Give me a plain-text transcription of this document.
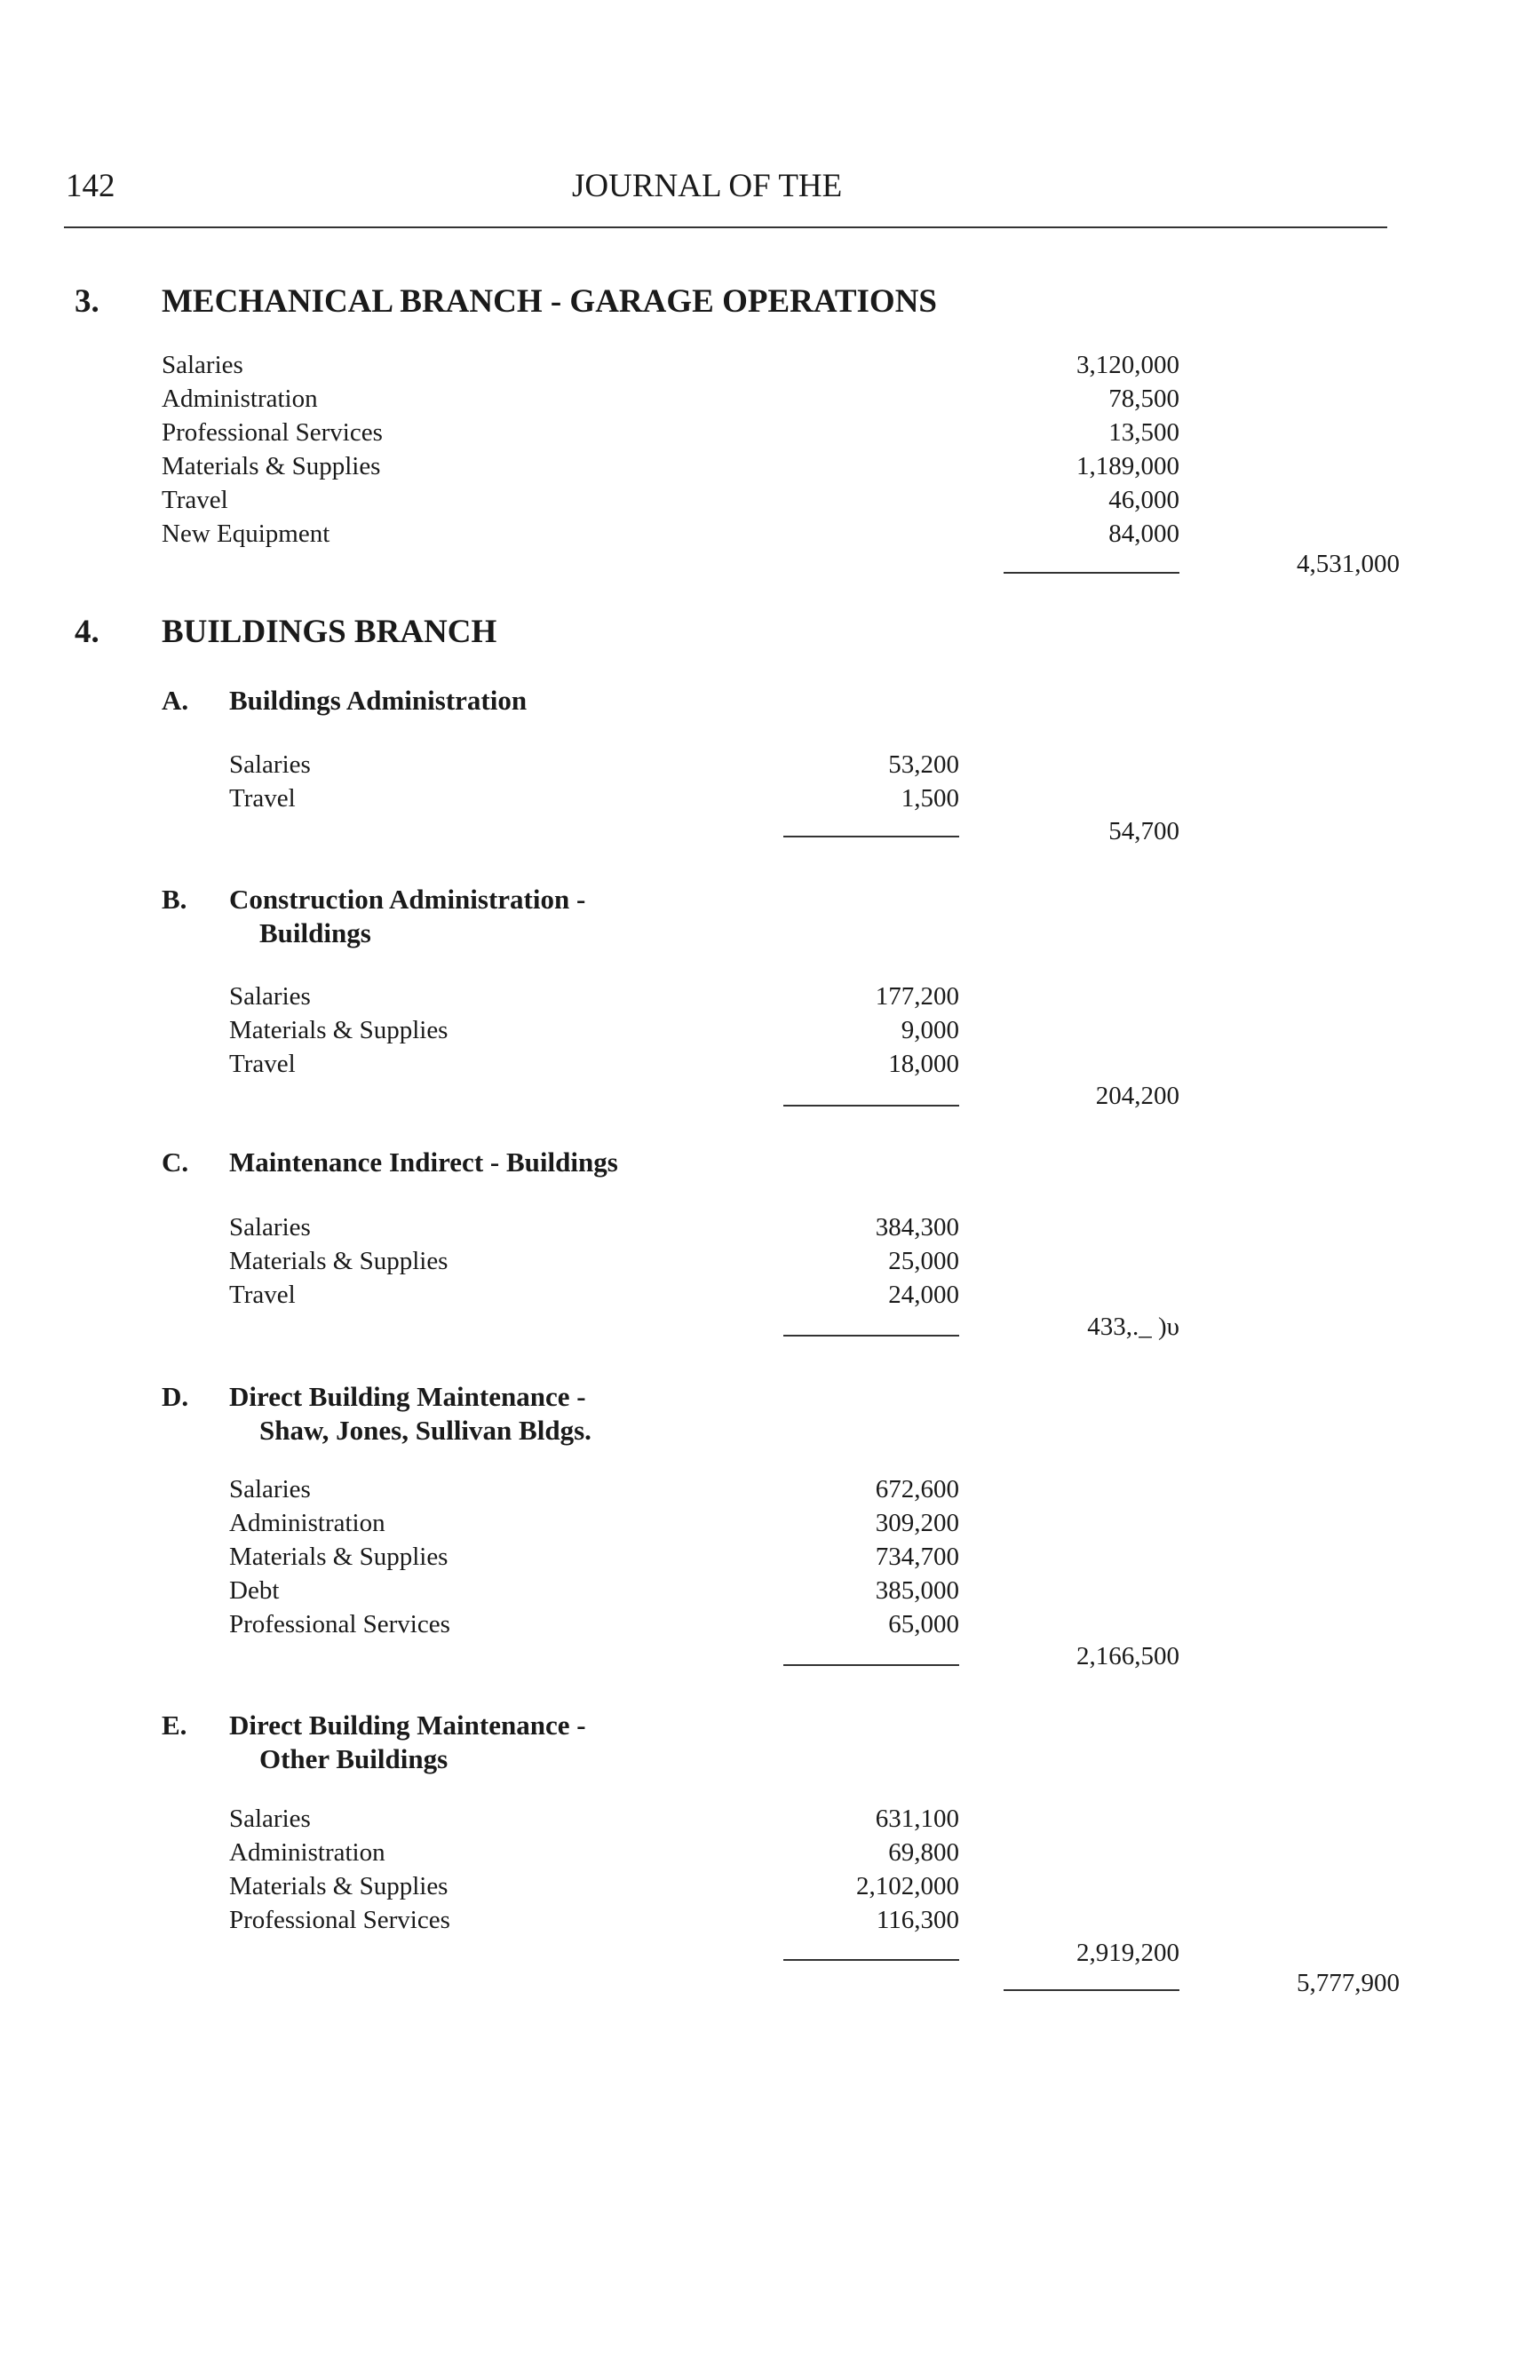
142	JOURNAL OF THE
3. MECHANICAL BRANCH - GARAGE OPERATIONS
Salaries	3,120,000
Administration	78,500
Professional Services	13,500
Materials & Supplies	1,189,000
Travel	46,000
New Equipment	84,000
4,531,000
4. BUILDINGS BRANCH
A. Buildings Administration
Salaries	53,200
Travel	1,500
54,700
B. Construction Administration -
Buildings
Salaries	177,200
Materials & Supplies	9,000
Travel	18,000
204,200
C. Maintenance Indirect - Buildings
Salaries	384,300
Materials & Supplies	25,000
Travel	24,000
433,._ )υ
D. Direct Building Maintenance -
Shaw, Jones, Sullivan Bldgs.
Salaries	672,600
Administration	309,200
Materials & Supplies	734,700
Debt	385,000
Professional Services	65,000
2,166,500
E. Direct Building Maintenance -
Other Buildings
Salaries	631,100
Administration	69,800
Materials & Supplies	2,102,000
Professional Services	116,300
2,919,200
5,777,900
